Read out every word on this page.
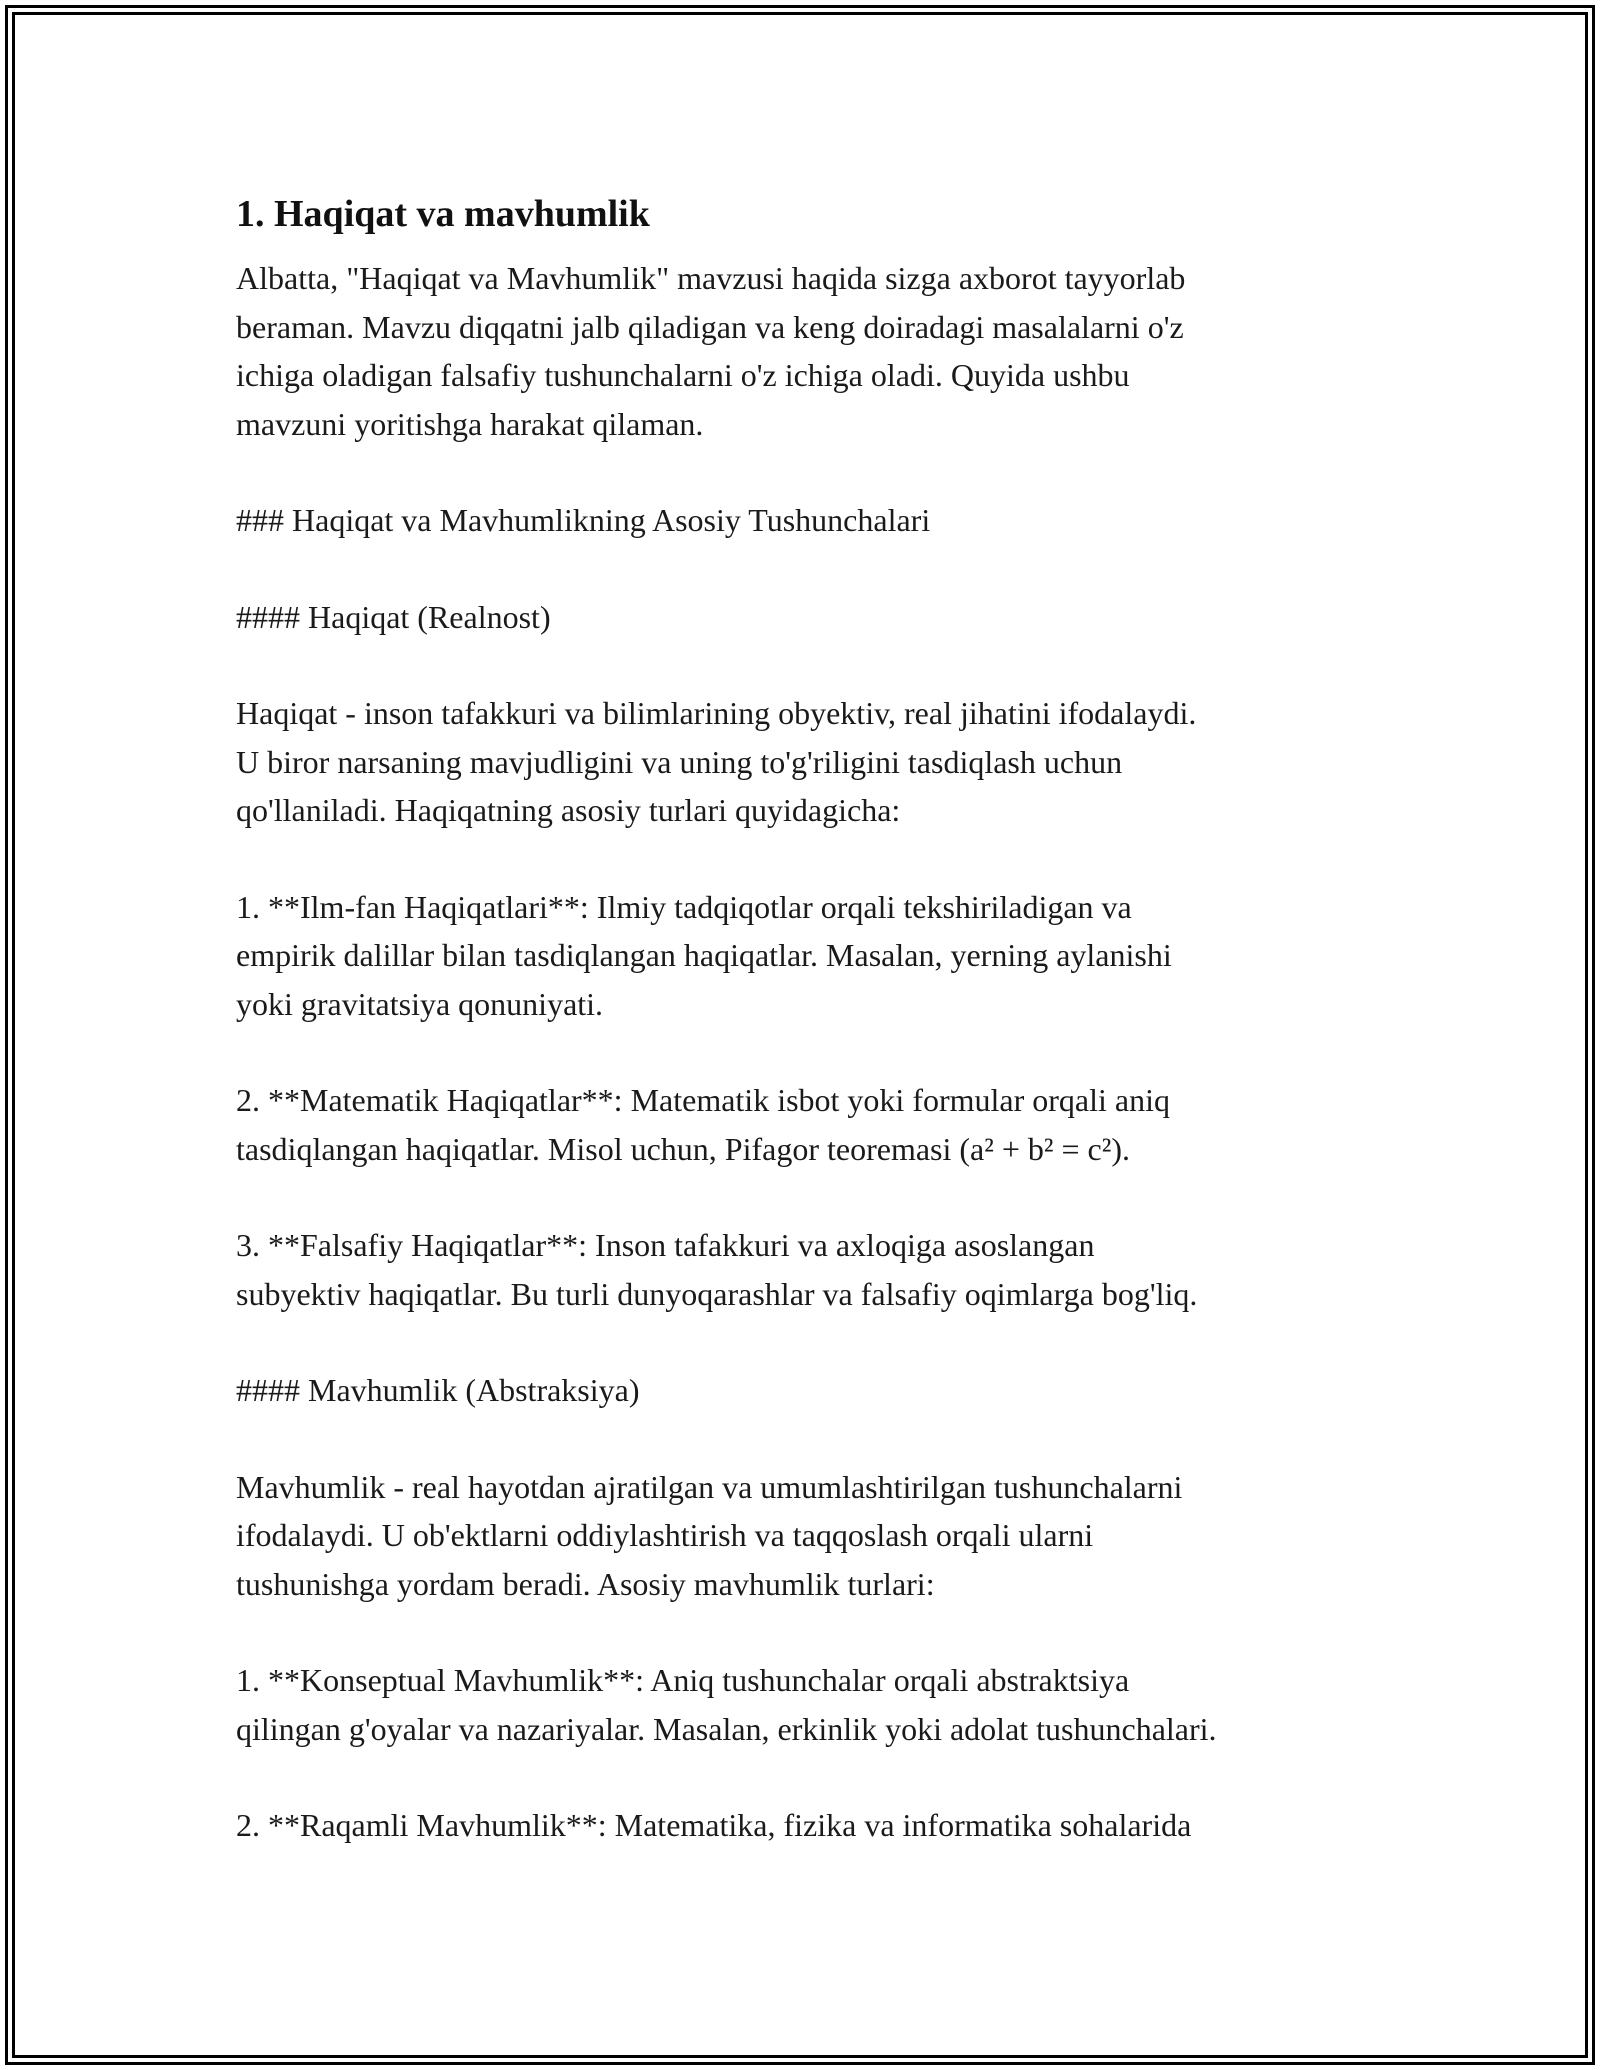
1. Haqiqat va mavhumlik

Albatta, "Haqiqat va Mavhumlik" mavzusi haqida sizga axborot tayyorlab
beraman. Mavzu diqqatni jalb qiladigan va keng doiradagi masalalarni o'z
ichiga oladigan falsafiy tushunchalarni o'z ichiga oladi. Quyida ushbu
mavzuni yoritishga harakat qilaman.

### Haqiqat va Mavhumlikning Asosiy Tushunchalari

#### Haqiqat (Realnost)

Haqiqat - inson tafakkuri va bilimlarining obyektiv, real jihatini ifodalaydi.
U biror narsaning mavjudligini va uning to'g'riligini tasdiqlash uchun
qo'llaniladi. Haqiqatning asosiy turlari quyidagicha:

1. **Ilm-fan Haqiqatlari**: Ilmiy tadqiqotlar orqali tekshiriladigan va
empirik dalillar bilan tasdiqlangan haqiqatlar. Masalan, yerning aylanishi
yoki gravitatsiya qonuniyati.

2. **Matematik Haqiqatlar**: Matematik isbot yoki formular orqali aniq
tasdiqlangan haqiqatlar. Misol uchun, Pifagor teoremasi (a² + b² = c²).

3. **Falsafiy Haqiqatlar**: Inson tafakkuri va axloqiga asoslangan
subyektiv haqiqatlar. Bu turli dunyoqarashlar va falsafiy oqimlarga bog'liq.

#### Mavhumlik (Abstraksiya)

Mavhumlik - real hayotdan ajratilgan va umumlashtirilgan tushunchalarni
ifodalaydi. U ob'ektlarni oddiylashtirish va taqqoslash orqali ularni
tushunishga yordam beradi. Asosiy mavhumlik turlari:

1. **Konseptual Mavhumlik**: Aniq tushunchalar orqali abstraktsiya
qilingan g'oyalar va nazariyalar. Masalan, erkinlik yoki adolat tushunchalari.

2. **Raqamli Mavhumlik**: Matematika, fizika va informatika sohalarida
